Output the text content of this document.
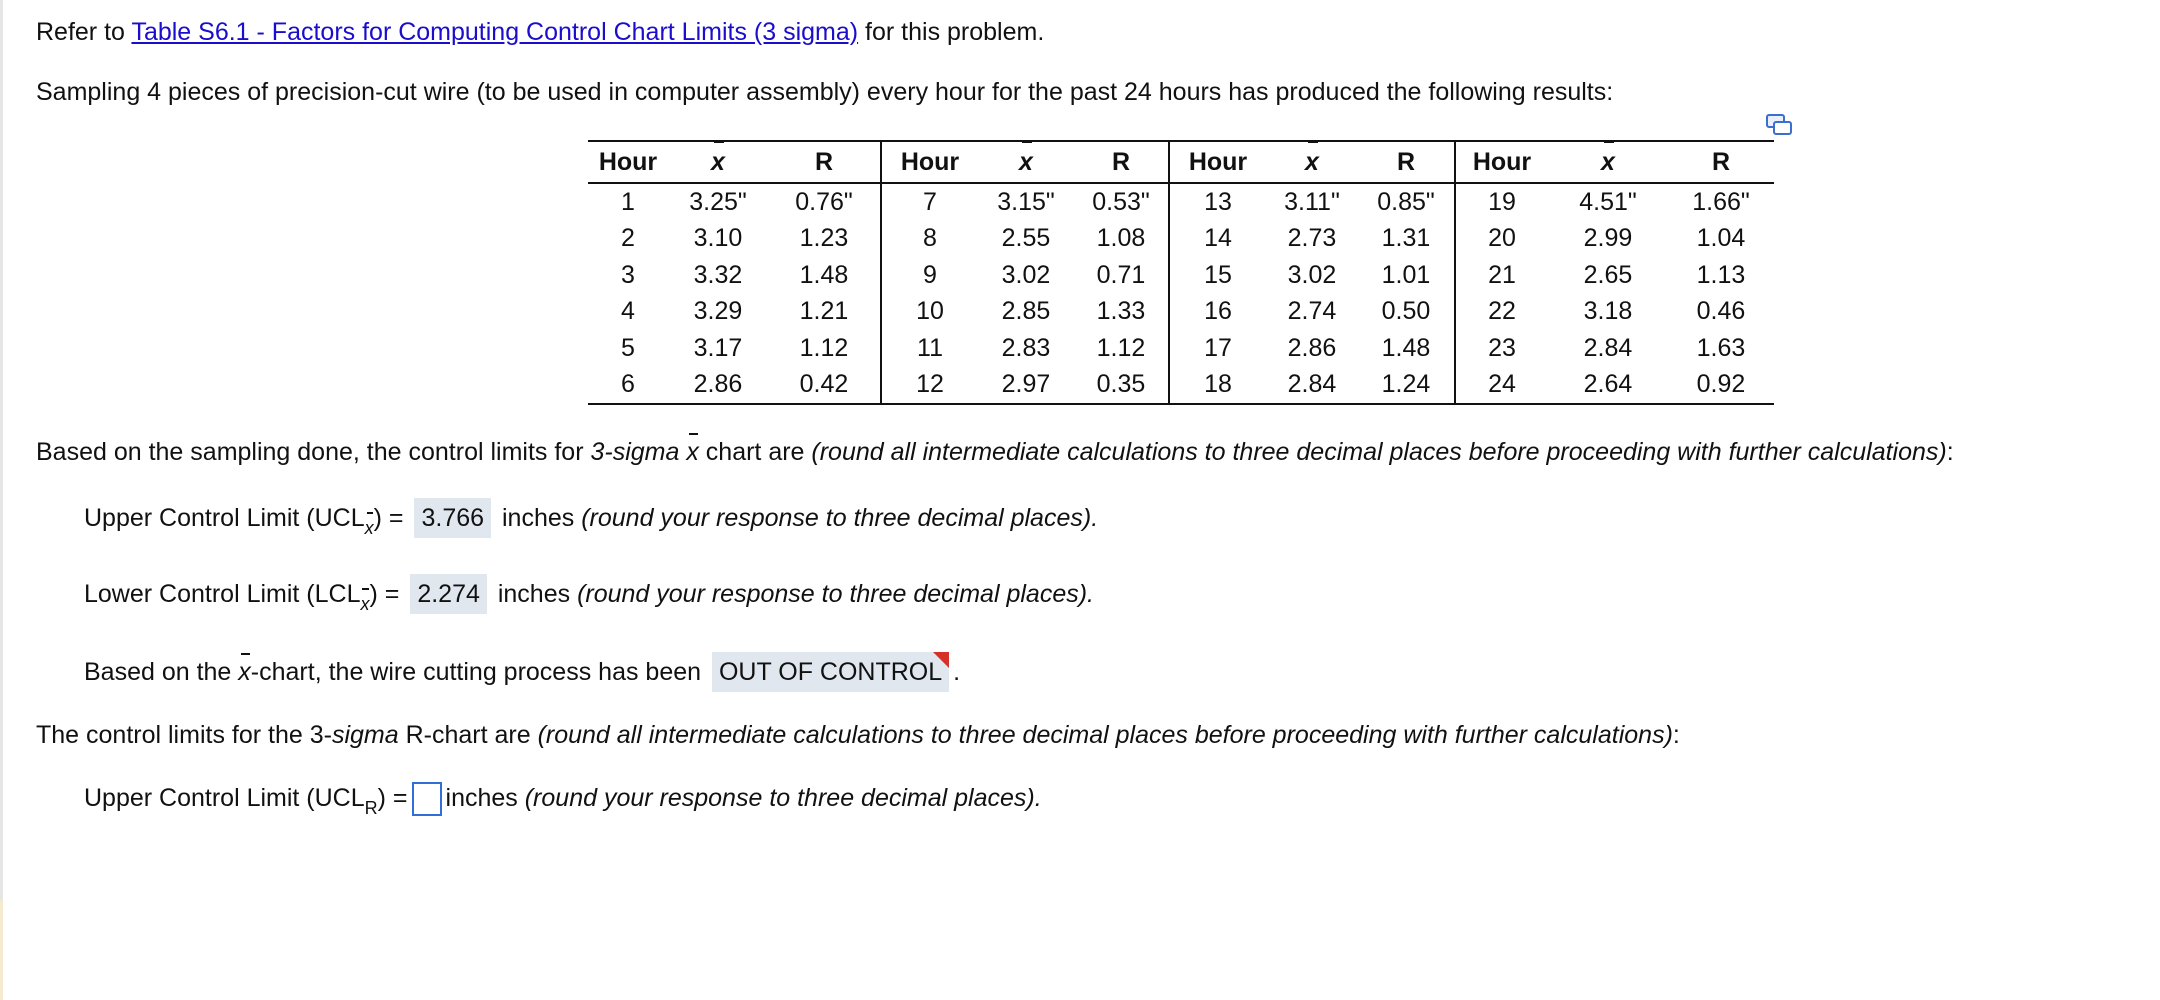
Refer to Table S6.1 - Factors for Computing Control Chart Limits (3 sigma) for this problem.
Sampling 4 pieces of precision-cut wire (to be used in computer assembly) every hour for the past 24 hours has produced the following results:
Hour	x	R	Hour	x	R	Hour	x	R	Hour	x	R
1	3.25"	0.76"	7	3.15"	0.53"	13	3.11"	0.85"	19	4.51"	1.66"
2	3.10	1.23	8	2.55	1.08	14	2.73	1.31	20	2.99	1.04
3	3.32	1.48	9	3.02	0.71	15	3.02	1.01	21	2.65	1.13
4	3.29	1.21	10	2.85	1.33	16	2.74	0.50	22	3.18	0.46
5	3.17	1.12	11	2.83	1.12	17	2.86	1.48	23	2.84	1.63
6	2.86	0.42	12	2.97	0.35	18	2.84	1.24	24	2.64	0.92
Based on the sampling done, the control limits for 3-sigma x chart are (round all intermediate calculations to three decimal places before proceeding with further calculations):
Upper Control Limit $(UCL_x) = 3.766$ inches (round your response to three decimal places).
Lower Control Limit $(LCL_x) = 2.274$ inches (round your response to three decimal places).
Based on the x-chart, the wire cutting process has been OUT OF CONTROL .
The control limits for the 3-sigma R-chart are (round all intermediate calculations to three decimal places before proceeding with further calculations):
Upper Control Limit $(UCL_R)$ = inches (round your response to three decimal places).
